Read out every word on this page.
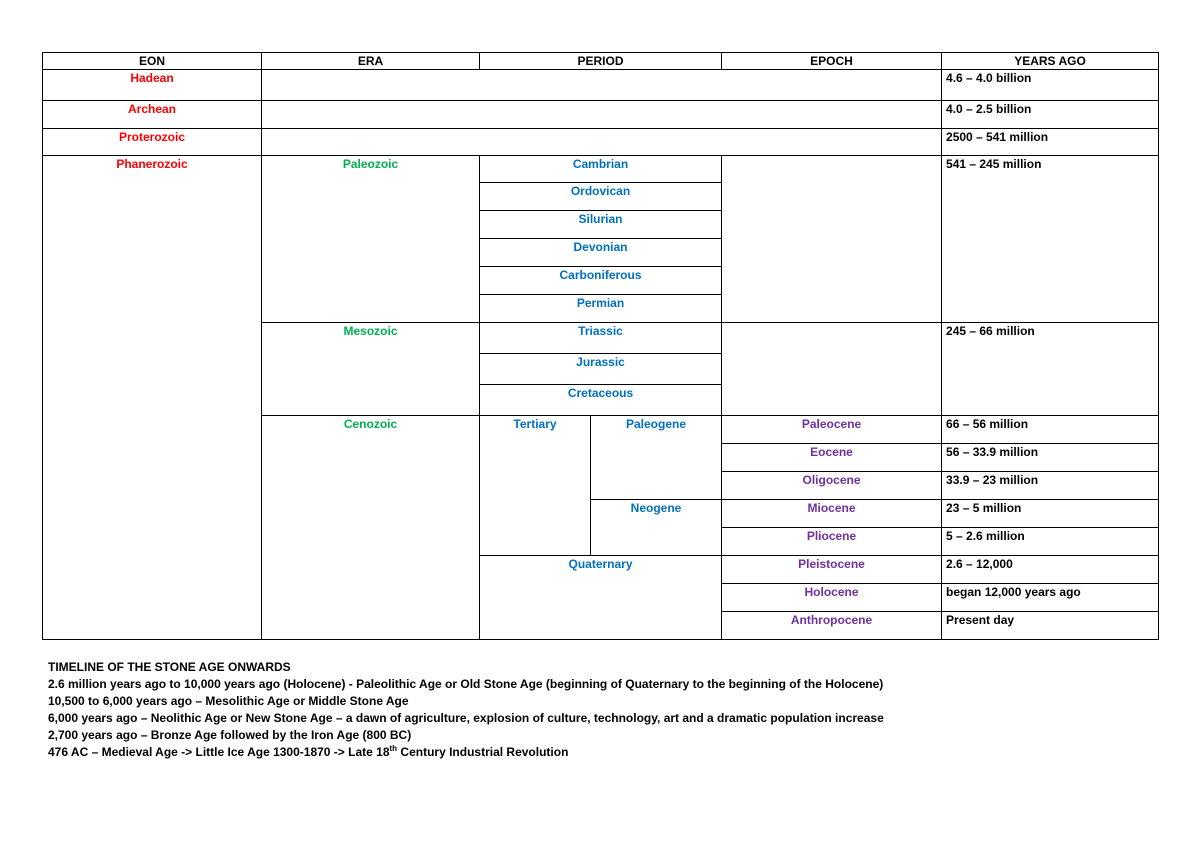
EON	ERA	PERIOD		EPOCH	YEARS AGO
Hadean					4.6 – 4.0 billion
Archean					4.0 – 2.5 billion
Proterozoic					2500 – 541 million
Phanerozoic	Paleozoic	Cambrian			541 – 245 million
		Ordovican			
		Silurian			
		Devonian			
		Carboniferous			
		Permian			
	Mesozoic	Triassic			245 – 66 million
		Jurassic			
		Cretaceous			
	Cenozoic	Tertiary	Paleogene	Paleocene	66 – 56 million
				Eocene	56 – 33.9 million
				Oligocene	33.9 – 23 million
			Neogene	Miocene	23 – 5 million
				Pliocene	5 – 2.6 million
		Quaternary		Pleistocene	2.6 – 12,000
				Holocene	began 12,000 years ago
				Anthropocene	Present day
TIMELINE OF THE STONE AGE ONWARDS
2.6 million years ago to 10,000 years ago (Holocene) - Paleolithic Age or Old Stone Age (beginning of Quaternary to the beginning of the Holocene)
10,500 to 6,000 years ago – Mesolithic Age or Middle Stone Age
6,000 years ago – Neolithic Age or New Stone Age – a dawn of agriculture, explosion of culture, technology, art and a dramatic population increase
2,700 years ago – Bronze Age followed by the Iron Age (800 BC)
476 AC – Medieval Age -> Little Ice Age 1300-1870 -> Late 18th Century Industrial Revolution
